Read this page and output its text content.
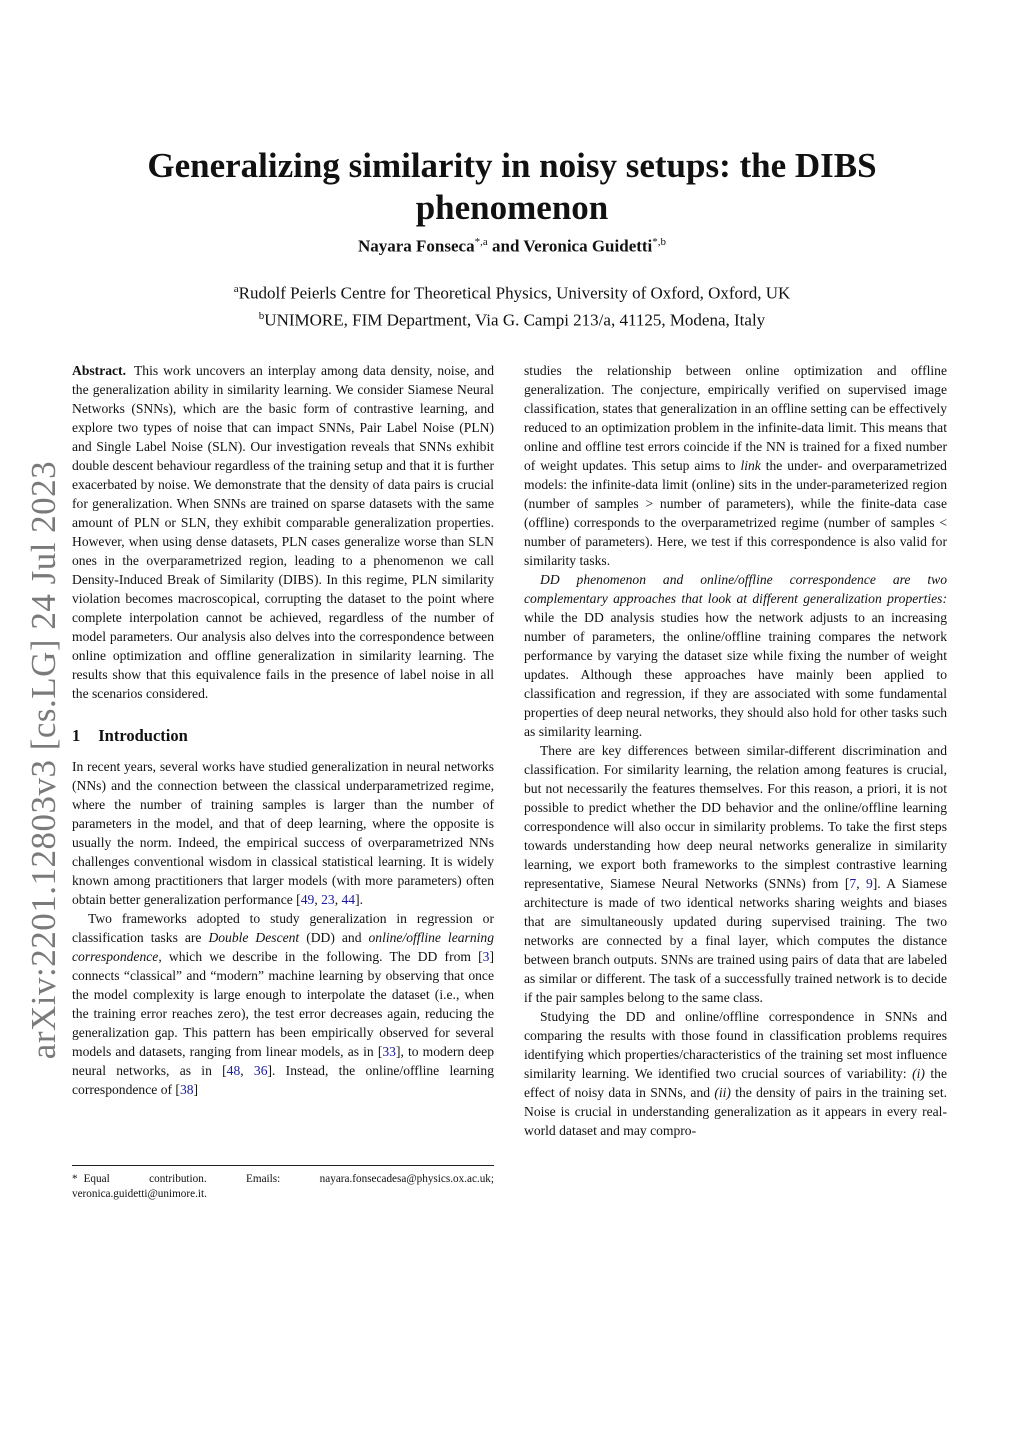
arXiv:2201.12803v3 [cs.LG] 24 Jul 2023
Generalizing similarity in noisy setups: the DIBS phenomenon
Nayara Fonseca$^{*,a}$ and Veronica Guidetti$^{*,b}$
$^a$Rudolf Peierls Centre for Theoretical Physics, University of Oxford, Oxford, UK
$^b$UNIMORE, FIM Department, Via G. Campi 213/a, 41125, Modena, Italy

Abstract. This work uncovers an interplay among data density, noise, and the generalization ability in similarity learning. We consider Siamese Neural Networks (SNNs), which are the basic form of contrastive learning, and explore two types of noise that can impact SNNs, Pair Label Noise (PLN) and Single Label Noise (SLN). Our investigation reveals that SNNs exhibit double descent behaviour regardless of the training setup and that it is further exacerbated by noise. We demonstrate that the density of data pairs is crucial for generalization. When SNNs are trained on sparse datasets with the same amount of PLN or SLN, they exhibit comparable generalization properties. However, when using dense datasets, PLN cases generalize worse than SLN ones in the overparametrized region, leading to a phenomenon we call Density-Induced Break of Similarity (DIBS). In this regime, PLN similarity violation becomes macroscopical, corrupting the dataset to the point where complete interpolation cannot be achieved, regardless of the number of model parameters. Our analysis also delves into the correspondence between online optimization and offline generalization in similarity learning. The results show that this equivalence fails in the presence of label noise in all the scenarios considered.

1 Introduction

In recent years, several works have studied generalization in neural networks (NNs) and the connection between the classical underparametrized regime, where the number of training samples is larger than the number of parameters in the model, and that of deep learning, where the opposite is usually the norm. Indeed, the empirical success of overparametrized NNs challenges conventional wisdom in classical statistical learning. It is widely known among practitioners that larger models (with more parameters) often obtain better generalization performance [49, 23, 44].

Two frameworks adopted to study generalization in regression or classification tasks are Double Descent (DD) and online/offline learning correspondence, which we describe in the following. The DD from [3] connects “classical” and “modern” machine learning by observing that once the model complexity is large enough to interpolate the dataset (i.e., when the training error reaches zero), the test error decreases again, reducing the generalization gap. This pattern has been empirically observed for several models and datasets, ranging from linear models, as in [33], to modern deep neural networks, as in [48, 36]. Instead, the online/offline learning correspondence of [38]

* Equal contribution. Emails: nayara.fonsecadesa@physics.ox.ac.uk; veronica.guidetti@unimore.it.

studies the relationship between online optimization and offline generalization. The conjecture, empirically verified on supervised image classification, states that generalization in an offline setting can be effectively reduced to an optimization problem in the infinite-data limit. This means that online and offline test errors coincide if the NN is trained for a fixed number of weight updates. This setup aims to link the under- and overparametrized models: the infinite-data limit (online) sits in the under-parameterized region (number of samples > number of parameters), while the finite-data case (offline) corresponds to the overparametrized regime (number of samples < number of parameters). Here, we test if this correspondence is also valid for similarity tasks.

DD phenomenon and online/offline correspondence are two complementary approaches that look at different generalization properties: while the DD analysis studies how the network adjusts to an increasing number of parameters, the online/offline training compares the network performance by varying the dataset size while fixing the number of weight updates. Although these approaches have mainly been applied to classification and regression, if they are associated with some fundamental properties of deep neural networks, they should also hold for other tasks such as similarity learning.

There are key differences between similar-different discrimination and classification. For similarity learning, the relation among features is crucial, but not necessarily the features themselves. For this reason, a priori, it is not possible to predict whether the DD behavior and the online/offline learning correspondence will also occur in similarity problems. To take the first steps towards understanding how deep neural networks generalize in similarity learning, we export both frameworks to the simplest contrastive learning representative, Siamese Neural Networks (SNNs) from [7, 9]. A Siamese architecture is made of two identical networks sharing weights and biases that are simultaneously updated during supervised training. The two networks are connected by a final layer, which computes the distance between branch outputs. SNNs are trained using pairs of data that are labeled as similar or different. The task of a successfully trained network is to decide if the pair samples belong to the same class.

Studying the DD and online/offline correspondence in SNNs and comparing the results with those found in classification problems requires identifying which properties/characteristics of the training set most influence similarity learning. We identified two crucial sources of variability: (i) the effect of noisy data in SNNs, and (ii) the density of pairs in the training set. Noise is crucial in understanding generalization as it appears in every real-world dataset and may compro-
